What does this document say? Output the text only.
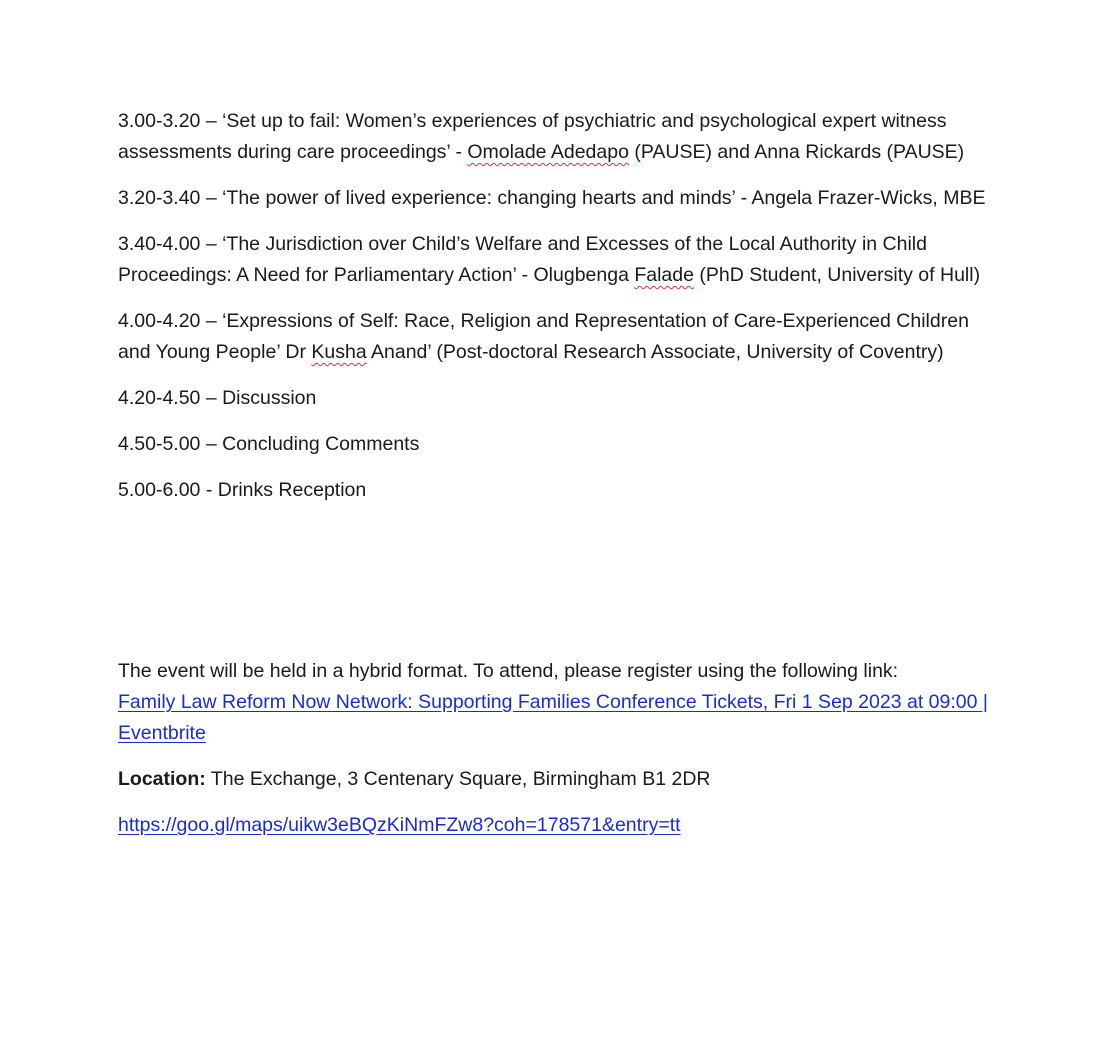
3.00-3.20 – ‘Set up to fail: Women’s experiences of psychiatric and psychological expert witness assessments during care proceedings’ - Omolade Adedapo (PAUSE) and Anna Rickards (PAUSE)

3.20-3.40 – ‘The power of lived experience: changing hearts and minds’ - Angela Frazer-Wicks, MBE

3.40-4.00 – ‘The Jurisdiction over Child’s Welfare and Excesses of the Local Authority in Child Proceedings: A Need for Parliamentary Action’ - Olugbenga Falade (PhD Student, University of Hull)

4.00-4.20 – ‘Expressions of Self: Race, Religion and Representation of Care-Experienced Children and Young People’ Dr Kusha Anand’ (Post-doctoral Research Associate, University of Coventry)

4.20-4.50 – Discussion

4.50-5.00 – Concluding Comments

5.00-6.00 - Drinks Reception

The event will be held in a hybrid format. To attend, please register using the following link:
Family Law Reform Now Network: Supporting Families Conference Tickets, Fri 1 Sep 2023 at 09:00 | Eventbrite

Location: The Exchange, 3 Centenary Square, Birmingham B1 2DR

https://goo.gl/maps/uikw3eBQzKiNmFZw8?coh=178571&entry=tt
